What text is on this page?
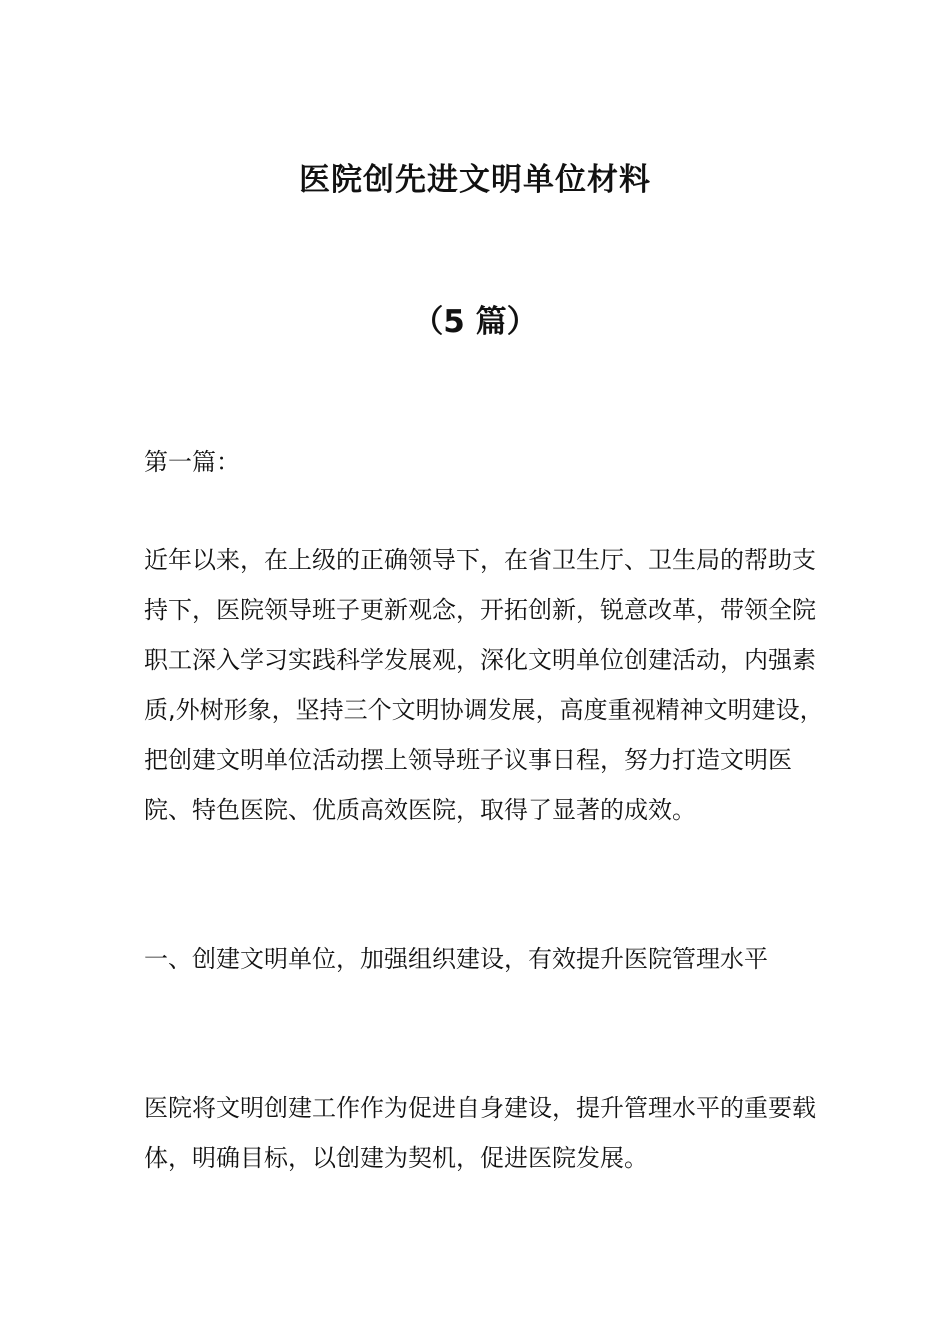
医院创先进文明单位材料
（5 篇）

第一篇：

近年以来，在上级的正确领导下，在省卫生厅、卫生局的帮助支持下，医院领导班子更新观念，开拓创新，锐意改革，带领全院职工深入学习实践科学发展观，深化文明单位创建活动，内强素质,外树形象，坚持三个文明协调发展，高度重视精神文明建设，把创建文明单位活动摆上领导班子议事日程，努力打造文明医院、特色医院、优质高效医院，取得了显著的成效。

一、创建文明单位，加强组织建设，有效提升医院管理水平

医院将文明创建工作作为促进自身建设，提升管理水平的重要载体，明确目标，以创建为契机，促进医院发展。
